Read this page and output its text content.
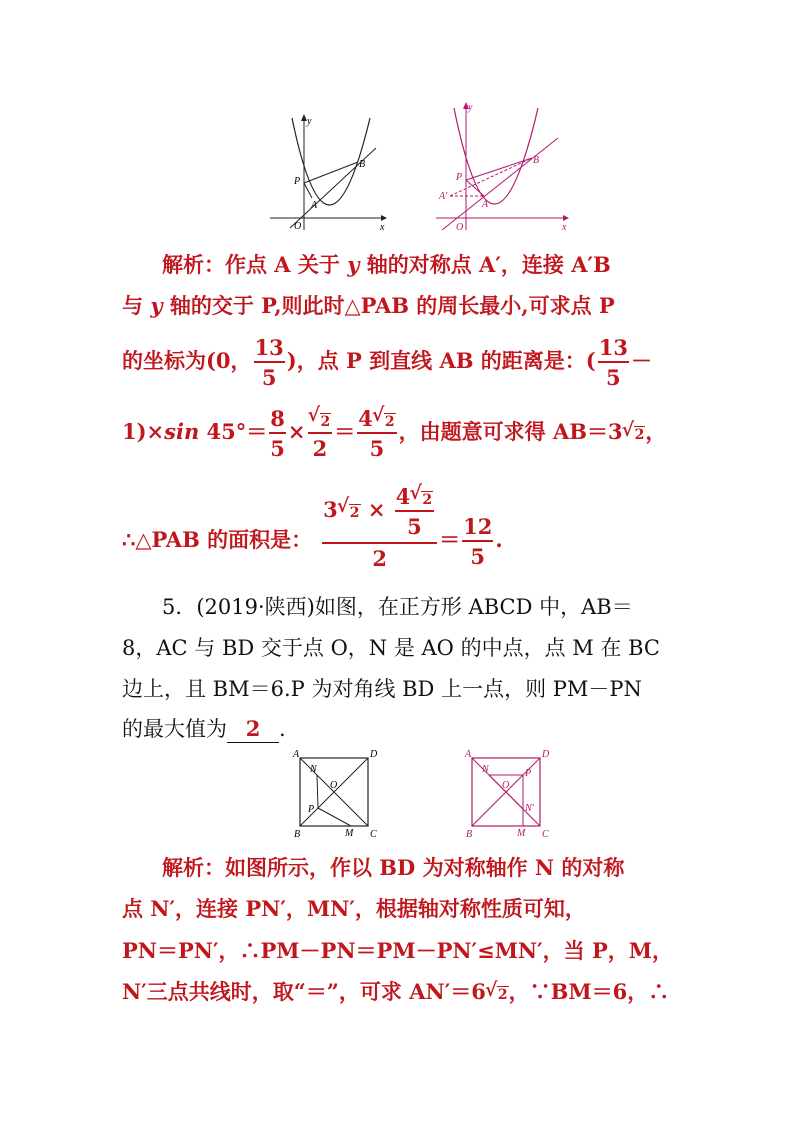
y
x
O
A
B
P
y
x
O
A
B
P
A′
解析：作点 A 关于 y 轴的对称点 A′，连接 A′B
与 y 轴的交于 P,则此时△PAB 的周长最小,可求点 P
的坐标为(0， $\frac{13}{5}$ )，点 P 到直线 AB 的距离是：( $\frac{13}{5}$ －
1)×sin $45^\circ= \frac{8}{5}$ × √ $\frac{2}{2} = \frac{4 √ 2}{5}$ ，由题意可求得 AB＝3 √ 2，
∴△PAB 的面积是： $\frac{3 √ 2 \times \frac{4 √ 2}{5}}{2} = \frac{12}{5}$ .
5．(2019·陕西)如图，在正方形 ABCD 中，AB＝
8，AC 与 BD 交于点 O，N 是 AO 的中点，点 M 在 BC
边上，且 BM＝6.P 为对角线 BD 上一点，则 PM－PN
的最大值为 2 .
A	D
B	C
N
O
P
M
A	D
B	C
N
O
P
M
N′
解析：如图所示，作以 BD 为对称轴作 N 的对称
点 N′，连接 PN′，MN′，根据轴对称性质可知，
PN＝PN′，∴PM－PN＝PM－PN′≤MN′，当 P，M，
N′三点共线时，取“＝”，可求 AN′＝6 √ 2，∵BM＝6，∴
